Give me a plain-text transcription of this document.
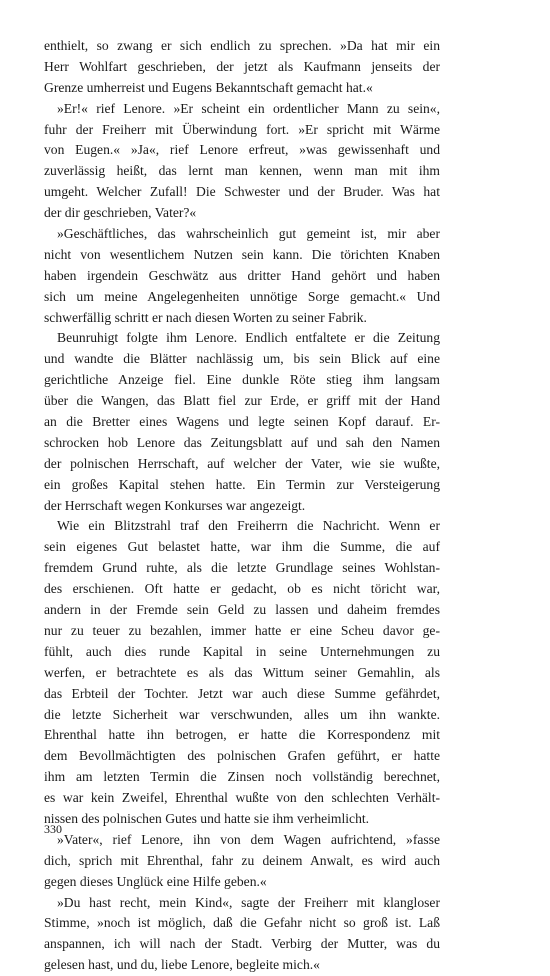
enthielt, so zwang er sich endlich zu sprechen. »Da hat mir ein
Herr Wohlfart geschrieben, der jetzt als Kaufmann jenseits der
Grenze umherreist und Eugens Bekanntschaft gemacht hat.«
»Er!« rief Lenore. »Er scheint ein ordentlicher Mann zu sein«,
fuhr der Freiherr mit Überwindung fort. »Er spricht mit Wärme
von Eugen.« »Ja«, rief Lenore erfreut, »was gewissenhaft und
zuverlässig heißt, das lernt man kennen, wenn man mit ihm
umgeht. Welcher Zufall! Die Schwester und der Bruder. Was hat
der dir geschrieben, Vater?«
»Geschäftliches, das wahrscheinlich gut gemeint ist, mir aber
nicht von wesentlichem Nutzen sein kann. Die törichten Knaben
haben irgendein Geschwätz aus dritter Hand gehört und haben
sich um meine Angelegenheiten unnötige Sorge gemacht.« Und
schwerfällig schritt er nach diesen Worten zu seiner Fabrik.
Beunruhigt folgte ihm Lenore. Endlich entfaltete er die Zeitung
und wandte die Blätter nachlässig um, bis sein Blick auf eine
gerichtliche Anzeige fiel. Eine dunkle Röte stieg ihm langsam
über die Wangen, das Blatt fiel zur Erde, er griff mit der Hand
an die Bretter eines Wagens und legte seinen Kopf darauf. Er-
schrocken hob Lenore das Zeitungsblatt auf und sah den Namen
der polnischen Herrschaft, auf welcher der Vater, wie sie wußte,
ein großes Kapital stehen hatte. Ein Termin zur Versteigerung
der Herrschaft wegen Konkurses war angezeigt.
Wie ein Blitzstrahl traf den Freiherrn die Nachricht. Wenn er
sein eigenes Gut belastet hatte, war ihm die Summe, die auf
fremdem Grund ruhte, als die letzte Grundlage seines Wohlstan-
des erschienen. Oft hatte er gedacht, ob es nicht töricht war,
andern in der Fremde sein Geld zu lassen und daheim fremdes
nur zu teuer zu bezahlen, immer hatte er eine Scheu davor ge-
fühlt, auch dies runde Kapital in seine Unternehmungen zu
werfen, er betrachtete es als das Wittum seiner Gemahlin, als
das Erbteil der Tochter. Jetzt war auch diese Summe gefährdet,
die letzte Sicherheit war verschwunden, alles um ihn wankte.
Ehrenthal hatte ihn betrogen, er hatte die Korrespondenz mit
dem Bevollmächtigten des polnischen Grafen geführt, er hatte
ihm am letzten Termin die Zinsen noch vollständig berechnet,
es war kein Zweifel, Ehrenthal wußte von den schlechten Verhält-
nissen des polnischen Gutes und hatte sie ihm verheimlicht.
»Vater«, rief Lenore, ihn von dem Wagen aufrichtend, »fasse
dich, sprich mit Ehrenthal, fahr zu deinem Anwalt, es wird auch
gegen dieses Unglück eine Hilfe geben.«
»Du hast recht, mein Kind«, sagte der Freiherr mit klangloser
Stimme, »noch ist möglich, daß die Gefahr nicht so groß ist. Laß
anspannen, ich will nach der Stadt. Verbirg der Mutter, was du
gelesen hast, und du, liebe Lenore, begleite mich.«
330
